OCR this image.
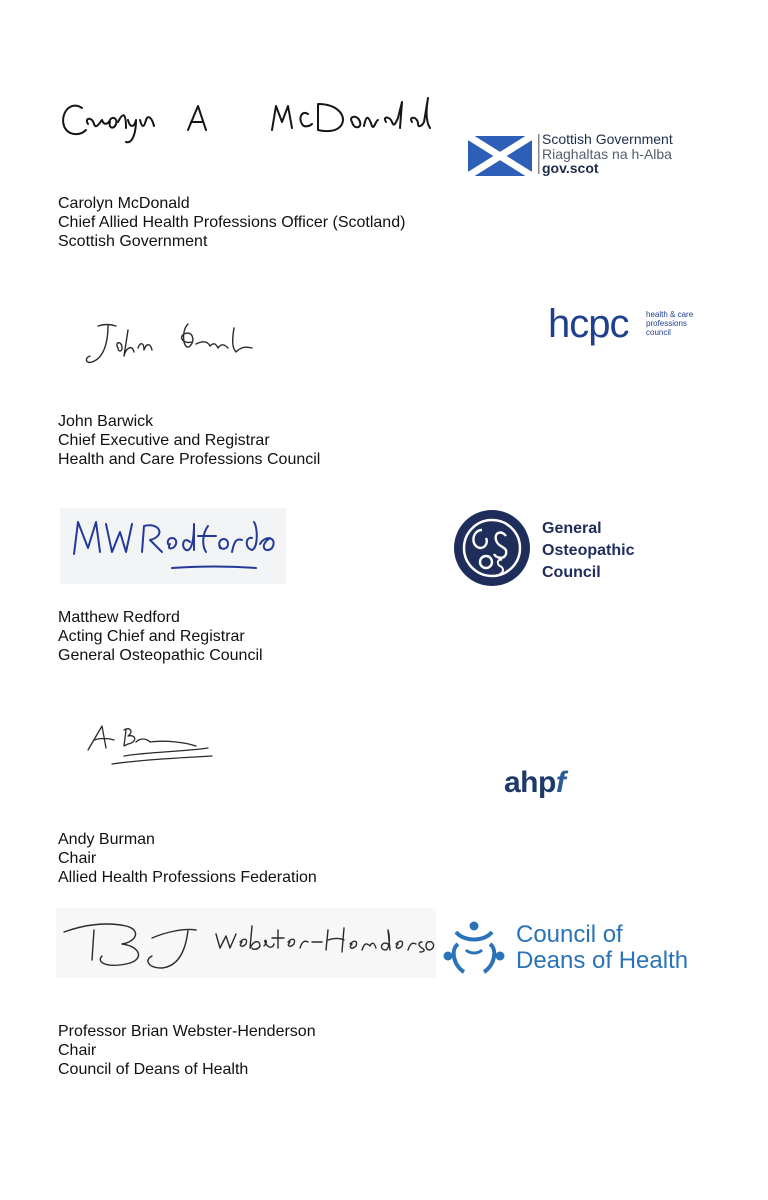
Scottish Government
Riaghaltas na h-Alba
gov.scot
Carolyn McDonald
Chief Allied Health Professions Officer (Scotland)
Scottish Government
hcpc health & care
professions
council
John Barwick
Chief Executive and Registrar
Health and Care Professions Council
General
Osteopathic
Council
Matthew Redford
Acting Chief and Registrar
General Osteopathic Council
ahpf
Andy Burman
Chair
Allied Health Professions Federation
Council of
Deans of Health
Professor Brian Webster-Henderson
Chair
Council of Deans of Health
